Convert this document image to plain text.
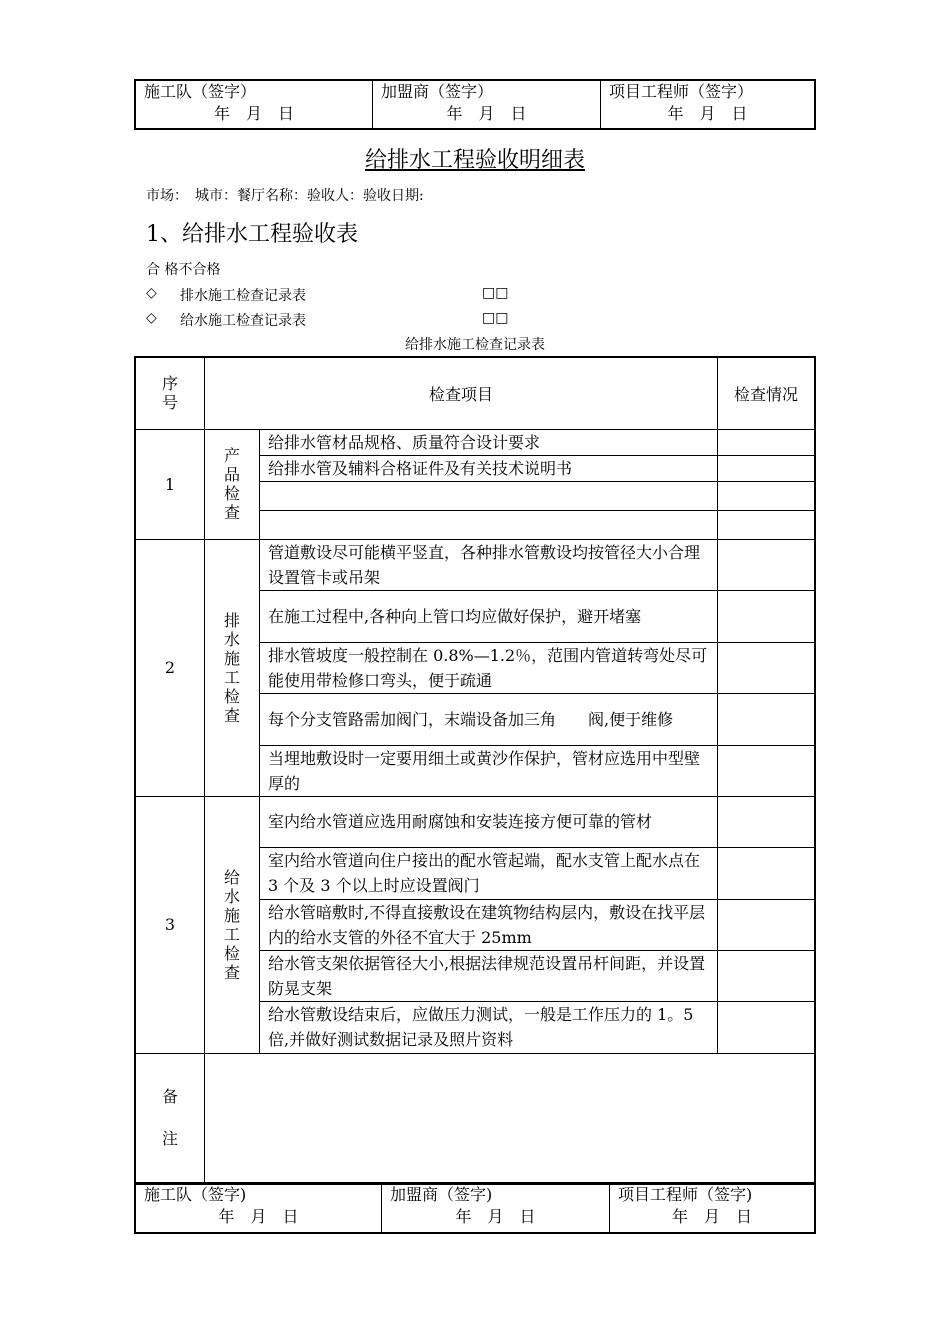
施工队（签字）
年　月　日

加盟商（签字）
年　月　日

项目工程师（签字）
年　月　日
给排水工程验收明细表
市场：　城市：餐厅名称：验收人：验收日期:
1、给排水工程验收表
合 格不合格
◇ 排水施工检查记录表	□□
◇ 给水施工检查记录表	□□
给排水施工检查记录表
序号	检查项目		检查情况
1	产品检查	给排水管材品规格、质量符合设计要求	
		给排水管及辅料合格证件及有关技术说明书	

2	排水施工检查	管道敷设尽可能横平竖直，各种排水管敷设均按管径大小合理设置管卡或吊架	
		在施工过程中,各种向上管口均应做好保护，避开堵塞	
		排水管坡度一般控制在 0.8%—1.2％，范围内管道转弯处尽可能使用带检修口弯头，便于疏通	
		每个分支管路需加阀门，末端设备加三角　　阀,便于维修	
		当埋地敷设时一定要用细土或黄沙作保护，管材应选用中型壁厚的	
3	给水施工检查	室内给水管道应选用耐腐蚀和安装连接方便可靠的管材	
		室内给水管道向住户接出的配水管起端，配水支管上配水点在 3 个及 3 个以上时应设置阀门	
		给水管暗敷时,不得直接敷设在建筑物结构层内，敷设在找平层内的给水支管的外径不宜大于 25mm	
		给水管支架依据管径大小,根据法律规范设置吊杆间距，并设置防晃支架	
		给水管敷设结束后，应做压力测试，一般是工作压力的 1。5 倍,并做好测试数据记录及照片资料	
备注			
施工队（签字)
年　月　日

加盟商（签字)
年　月　日

项目工程师（签字)
年　月　日
